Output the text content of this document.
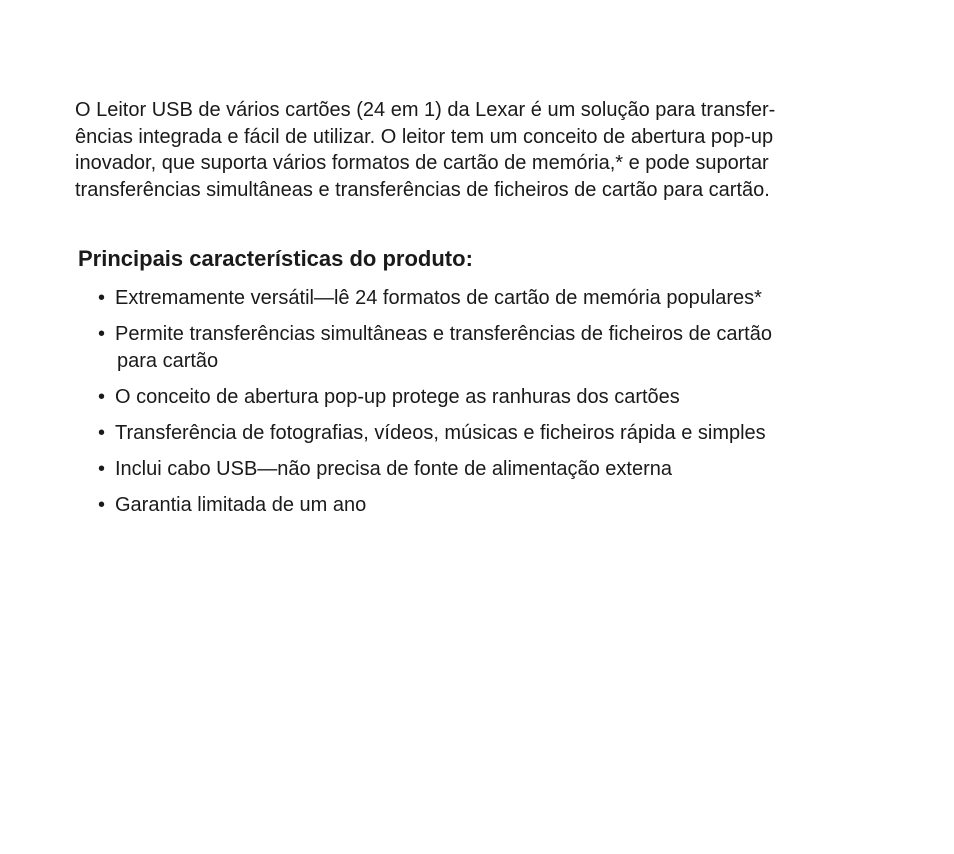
O Leitor USB de vários cartões (24 em 1) da Lexar é um solução para transfer-
ências integrada e fácil de utilizar. O leitor tem um conceito de abertura pop-up
inovador, que suporta vários formatos de cartão de memória,* e pode suportar
transferências simultâneas e transferências de ficheiros de cartão para cartão.

Principais características do produto:
• Extremamente versátil—lê 24 formatos de cartão de memória populares*
• Permite transferências simultâneas e transferências de ficheiros de cartão
para cartão
• O conceito de abertura pop-up protege as ranhuras dos cartões
• Transferência de fotografias, vídeos, músicas e ficheiros rápida e simples
• Inclui cabo USB—não precisa de fonte de alimentação externa
• Garantia limitada de um ano
